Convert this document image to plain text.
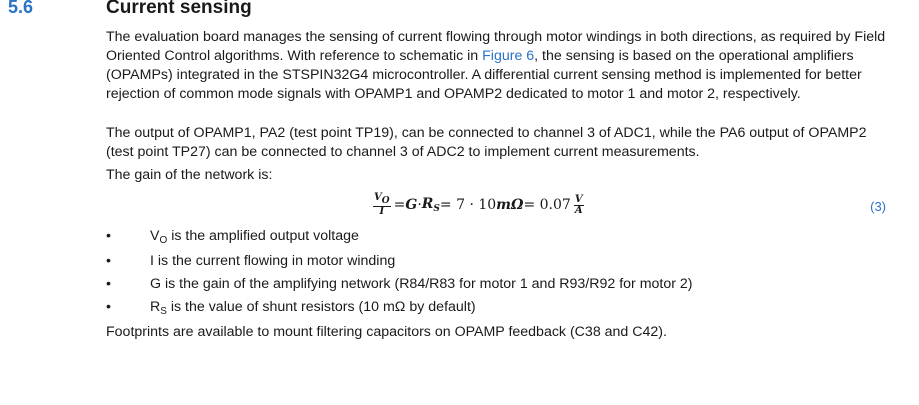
5.6	Current sensing
The evaluation board manages the sensing of current flowing through motor windings in both directions, as required by Field Oriented Control algorithms. With reference to schematic in Figure 6, the sensing is based on the operational amplifiers (OPAMPs) integrated in the STSPIN32G4 microcontroller. A differential current sensing method is implemented for better rejection of common mode signals with OPAMP1 and OPAMP2 dedicated to motor 1 and motor 2, respectively.
The output of OPAMP1, PA2 (test point TP19), can be connected to channel 3 of ADC1, while the PA6 output of OPAMP2 (test point TP27) can be connected to channel 3 of ADC2 to implement current measurements.
The gain of the network is:
$\frac{VO}{I} = G \cdot R_S = 7 \cdot 10$ $m\Omega = 0.07 \frac{V}{A}$	(3)
•	$V_O$ is the amplified output voltage
•	I is the current flowing in motor winding
•	G is the gain of the amplifying network (R84/R83 for motor 1 and R93/R92 for motor 2)
•	$R_S$ is the value of shunt resistors (10 mΩ by default)
Footprints are available to mount filtering capacitors on OPAMP feedback (C38 and C42).
